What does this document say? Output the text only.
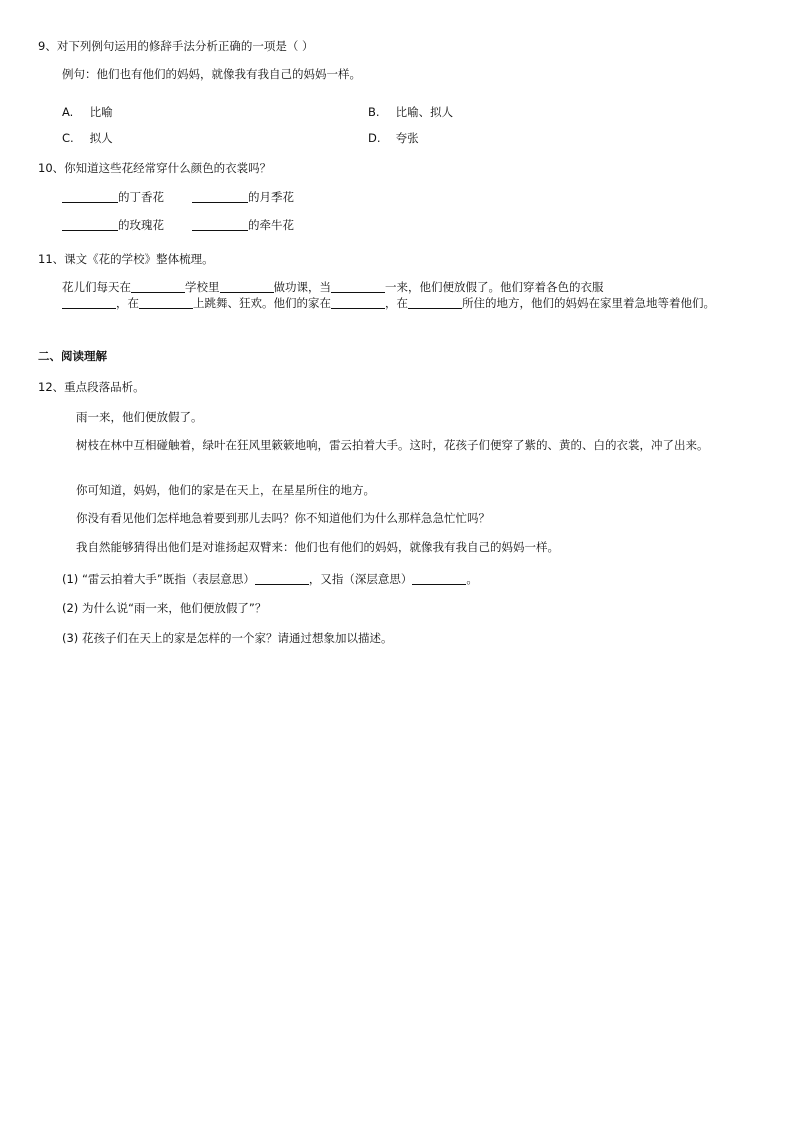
9、对下列例句运用的修辞手法分析正确的一项是（ ）
例句：他们也有他们的妈妈，就像我有我自己的妈妈一样。
A. 比喻	B. 比喻、拟人
C. 拟人	D. 夸张
10、你知道这些花经常穿什么颜色的衣裳吗？
的丁香花	的月季花
的玫瑰花	的牵牛花
11、课文《花的学校》整体梳理。
花儿们每天在	学校里	做功课，当	一来，他们便放假了。他们穿着各色的衣服
，在	上跳舞、狂欢。他们的家在	，在	所住的地方，他们的妈妈在家里着急地等着他们。
二、阅读理解
12、重点段落品析。
雨一来，他们便放假了。
树枝在林中互相碰触着，绿叶在狂风里簌簌地响，雷云拍着大手。这时，花孩子们便穿了紫的、黄的、白的衣裳，冲了出来。
你可知道，妈妈，他们的家是在天上，在星星所住的地方。
你没有看见他们怎样地急着要到那儿去吗？你不知道他们为什么那样急急忙忙吗？
我自然能够猜得出他们是对谁扬起双臂来：他们也有他们的妈妈，就像我有我自己的妈妈一样。
(1) “雷云拍着大手”既指（表层意思）	，又指（深层意思）	。
(2) 为什么说“雨一来，他们便放假了”？
(3) 花孩子们在天上的家是怎样的一个家？请通过想象加以描述。
